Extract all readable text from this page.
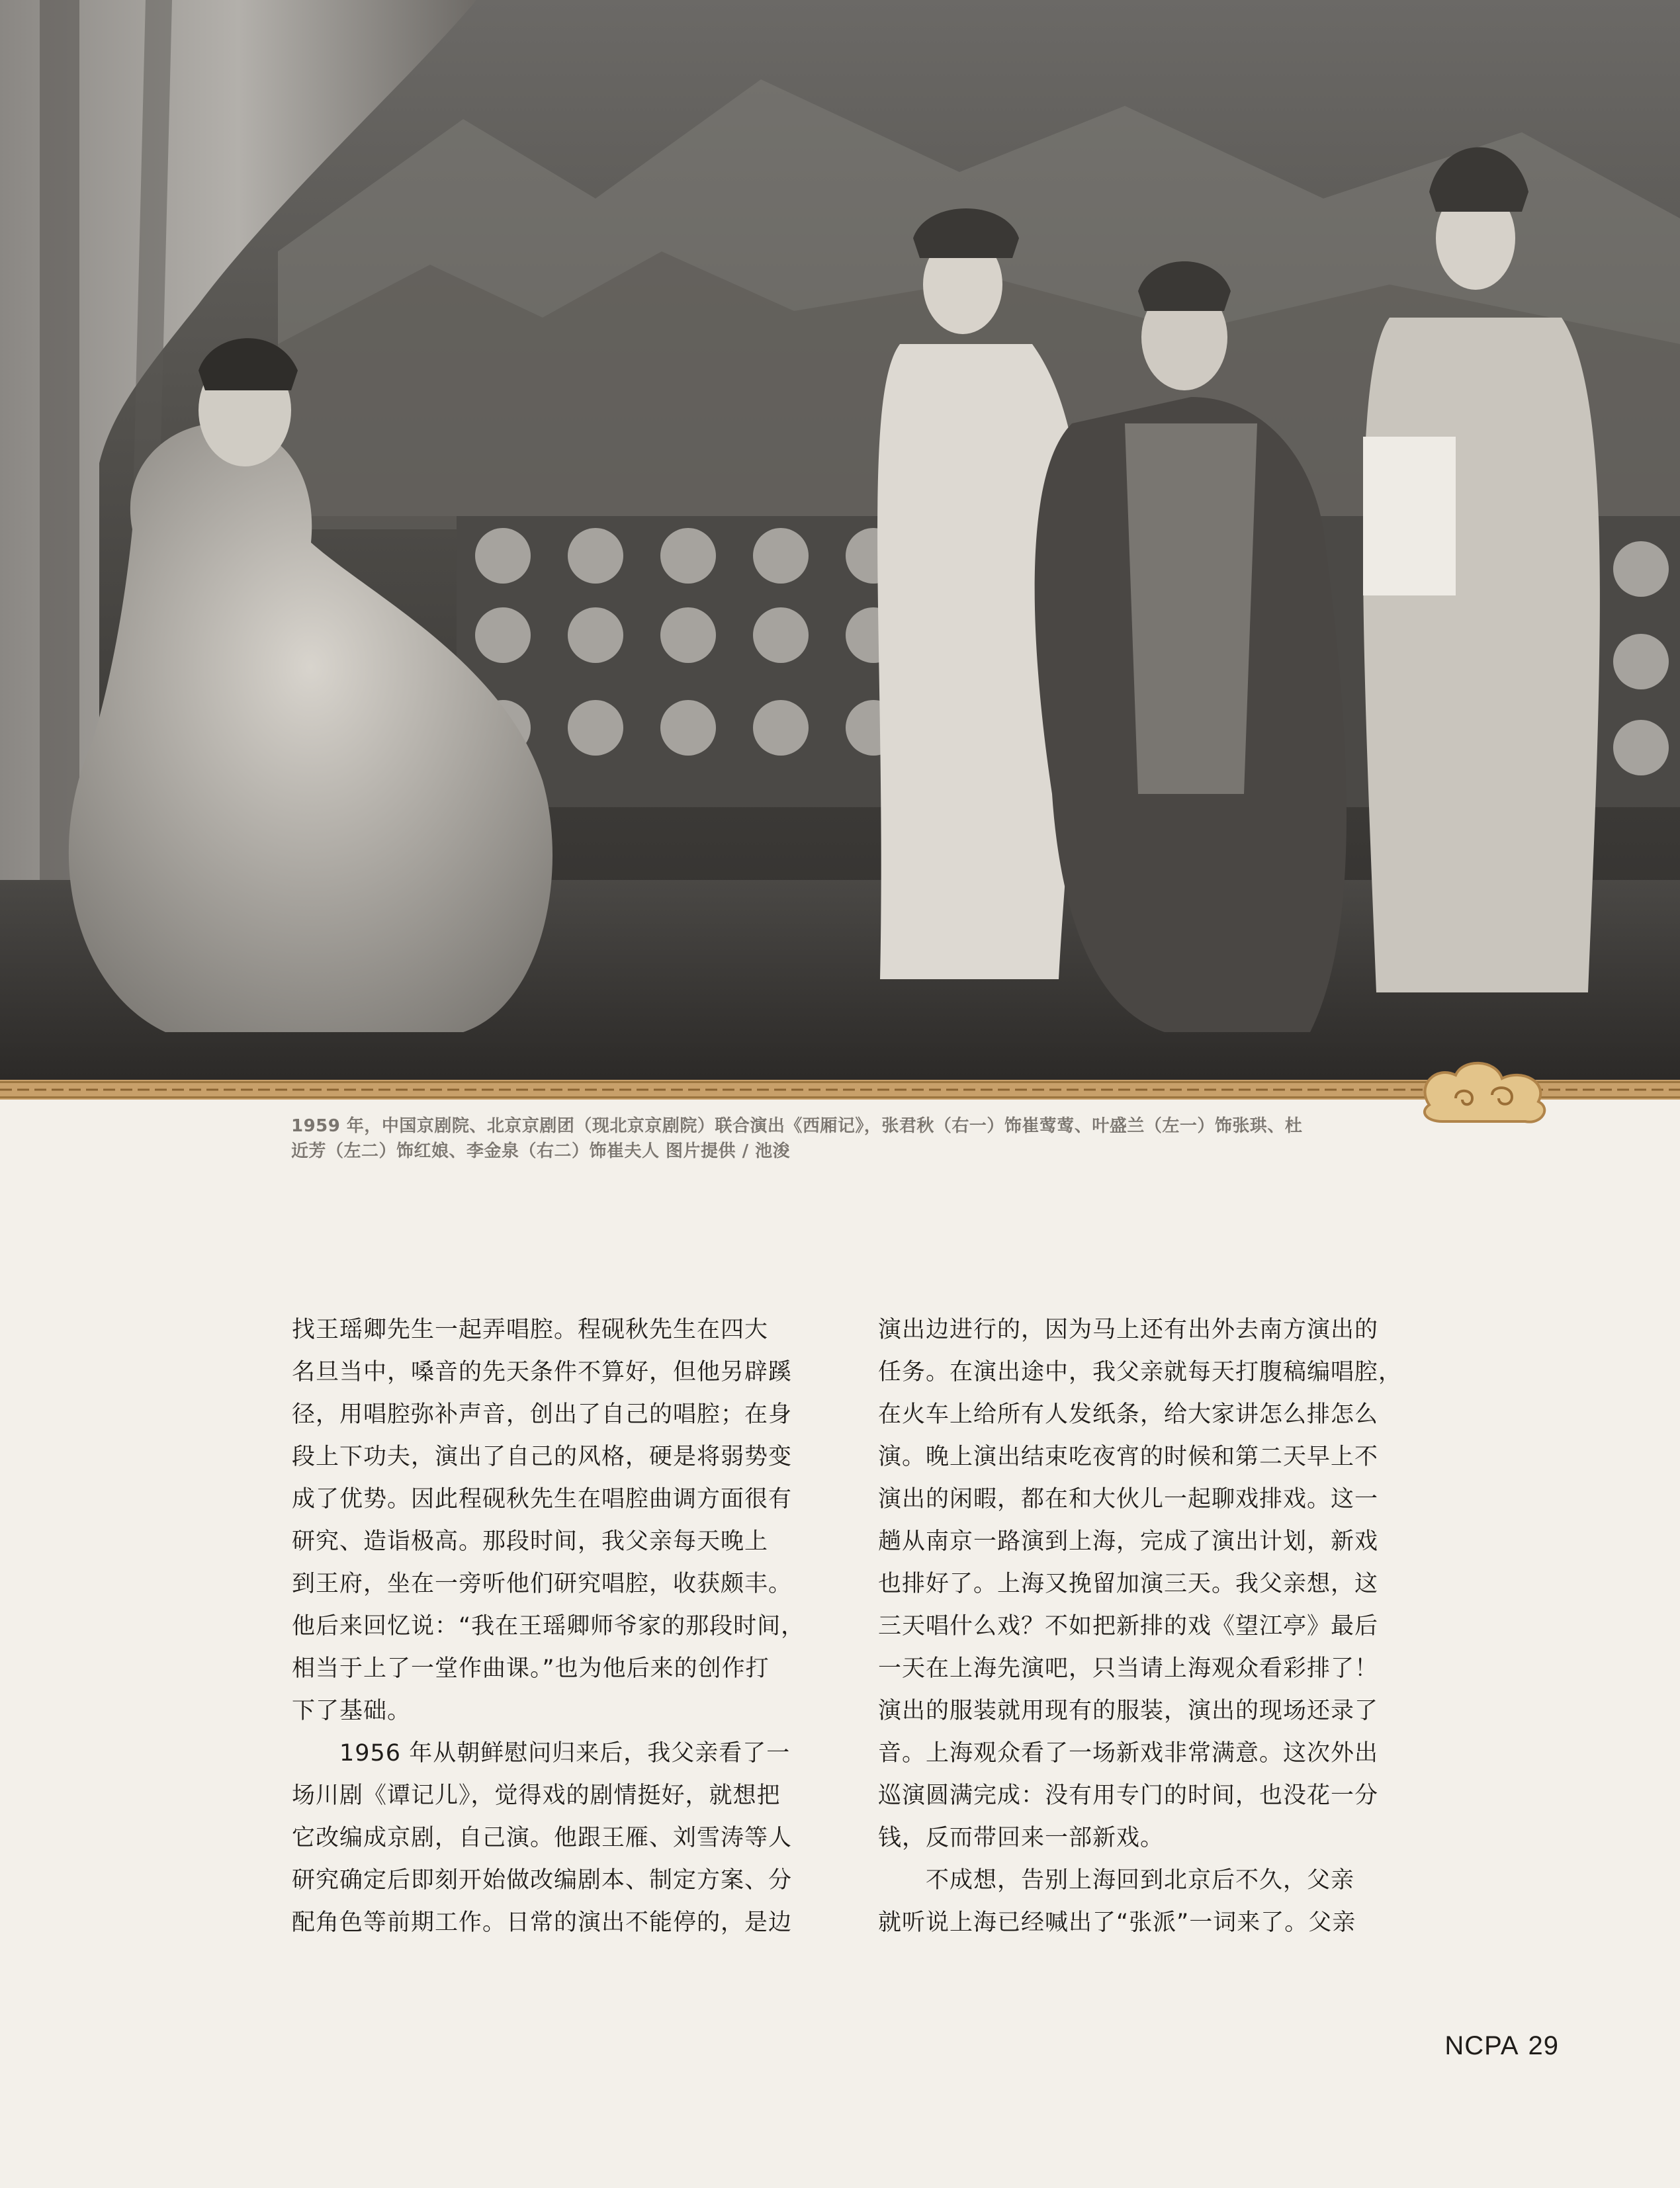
1959 年，中国京剧院、北京京剧团（现北京京剧院）联合演出《西厢记》，张君秋（右一）饰崔莺莺、叶盛兰（左一）饰张珙、杜
近芳（左二）饰红娘、李金泉（右二）饰崔夫人 图片提供 / 池浚
找王瑶卿先生一起弄唱腔。程砚秋先生在四大
名旦当中，嗓音的先天条件不算好，但他另辟蹊
径，用唱腔弥补声音，创出了自己的唱腔；在身
段上下功夫，演出了自己的风格，硬是将弱势变
成了优势。因此程砚秋先生在唱腔曲调方面很有
研究、造诣极高。那段时间，我父亲每天晚上
到王府，坐在一旁听他们研究唱腔，收获颇丰。
他后来回忆说：“我在王瑶卿师爷家的那段时间，
相当于上了一堂作曲课。”也为他后来的创作打
下了基础。
1956 年从朝鲜慰问归来后，我父亲看了一
场川剧《谭记儿》，觉得戏的剧情挺好，就想把
它改编成京剧，自己演。他跟王雁、刘雪涛等人
研究确定后即刻开始做改编剧本、制定方案、分
配角色等前期工作。日常的演出不能停的，是边
演出边进行的，因为马上还有出外去南方演出的
任务。在演出途中，我父亲就每天打腹稿编唱腔，
在火车上给所有人发纸条，给大家讲怎么排怎么
演。晚上演出结束吃夜宵的时候和第二天早上不
演出的闲暇，都在和大伙儿一起聊戏排戏。这一
趟从南京一路演到上海，完成了演出计划，新戏
也排好了。上海又挽留加演三天。我父亲想，这
三天唱什么戏？不如把新排的戏《望江亭》最后
一天在上海先演吧，只当请上海观众看彩排了！
演出的服装就用现有的服装，演出的现场还录了
音。上海观众看了一场新戏非常满意。这次外出
巡演圆满完成：没有用专门的时间，也没花一分
钱，反而带回来一部新戏。
不成想，告别上海回到北京后不久，父亲
就听说上海已经喊出了“张派”一词来了。父亲
NCPA 29
